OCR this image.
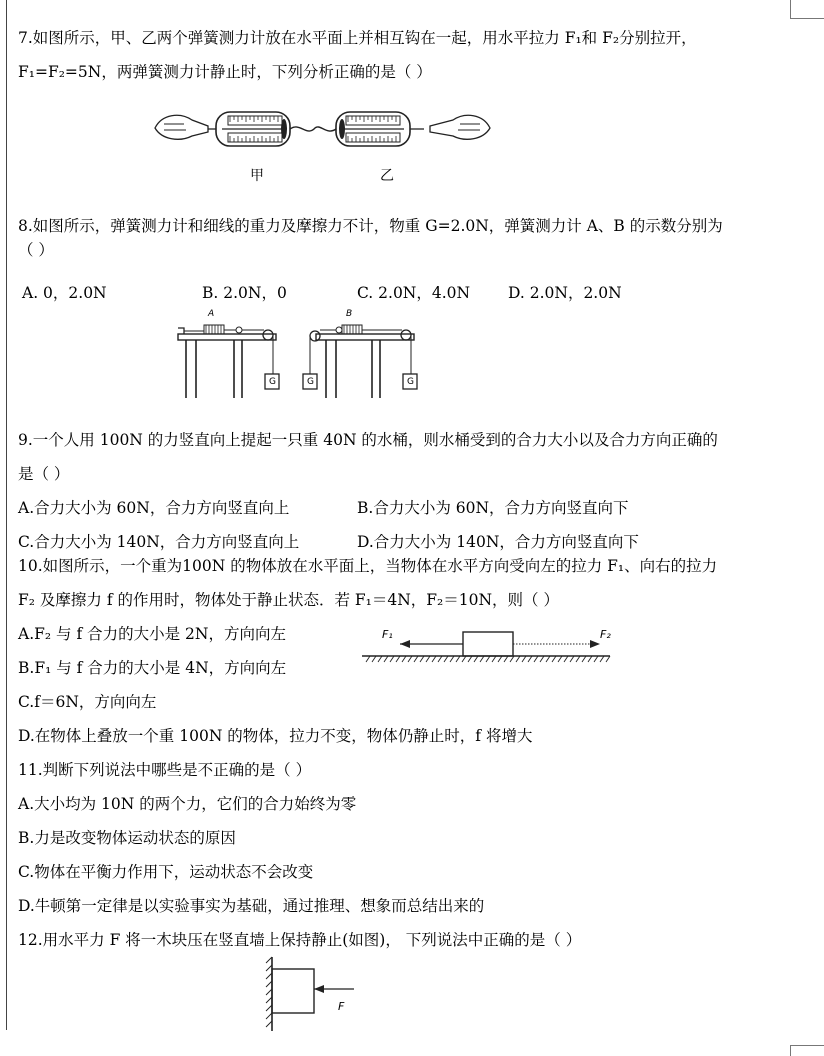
7.如图所示，甲、乙两个弹簧测力计放在水平面上并相互钩在一起，用水平拉力 F₁和 F₂分别拉开，
F₁=F₂=5N，两弹簧测力计静止时，下列分析正确的是（ ）
甲	乙
8.如图所示，弹簧测力计和细线的重力及摩擦力不计，物重 G=2.0N，弹簧测力计 A、B 的示数分别为
（ ）
A. 0，2.0N	B. 2.0N，0	C. 2.0N，4.0N D. 2.0N，2.0N
A	B
G	G	G
9.一个人用 100N 的力竖直向上提起一只重 40N 的水桶，则水桶受到的合力大小以及合力方向正确的
是（ ）
A.合力大小为 60N，合力方向竖直向上	B.合力大小为 60N，合力方向竖直向下
C.合力大小为 140N，合力方向竖直向上	D.合力大小为 140N，合力方向竖直向下
10.如图所示，一个重为100N 的物体放在水平面上，当物体在水平方向受向左的拉力 F₁、向右的拉力
F₂ 及摩擦力 f 的作用时，物体处于静止状态．若 F₁＝4N，F₂＝10N，则（ ）
A.F₂ 与 f 合力的大小是 2N，方向向左
B.F₁ 与 f 合力的大小是 4N，方向向左
C.f＝6N，方向向左
D.在物体上叠放一个重 100N 的物体，拉力不变，物体仍静止时，f 将增大
F₁	F₂
11.判断下列说法中哪些是不正确的是（ ）
A.大小均为 10N 的两个力，它们的合力始终为零
B.力是改变物体运动状态的原因
C.物体在平衡力作用下，运动状态不会改变
D.牛顿第一定律是以实验事实为基础，通过推理、想象而总结出来的
12.用水平力 F 将一木块压在竖直墙上保持静止(如图)， 下列说法中正确的是（ ）
F
